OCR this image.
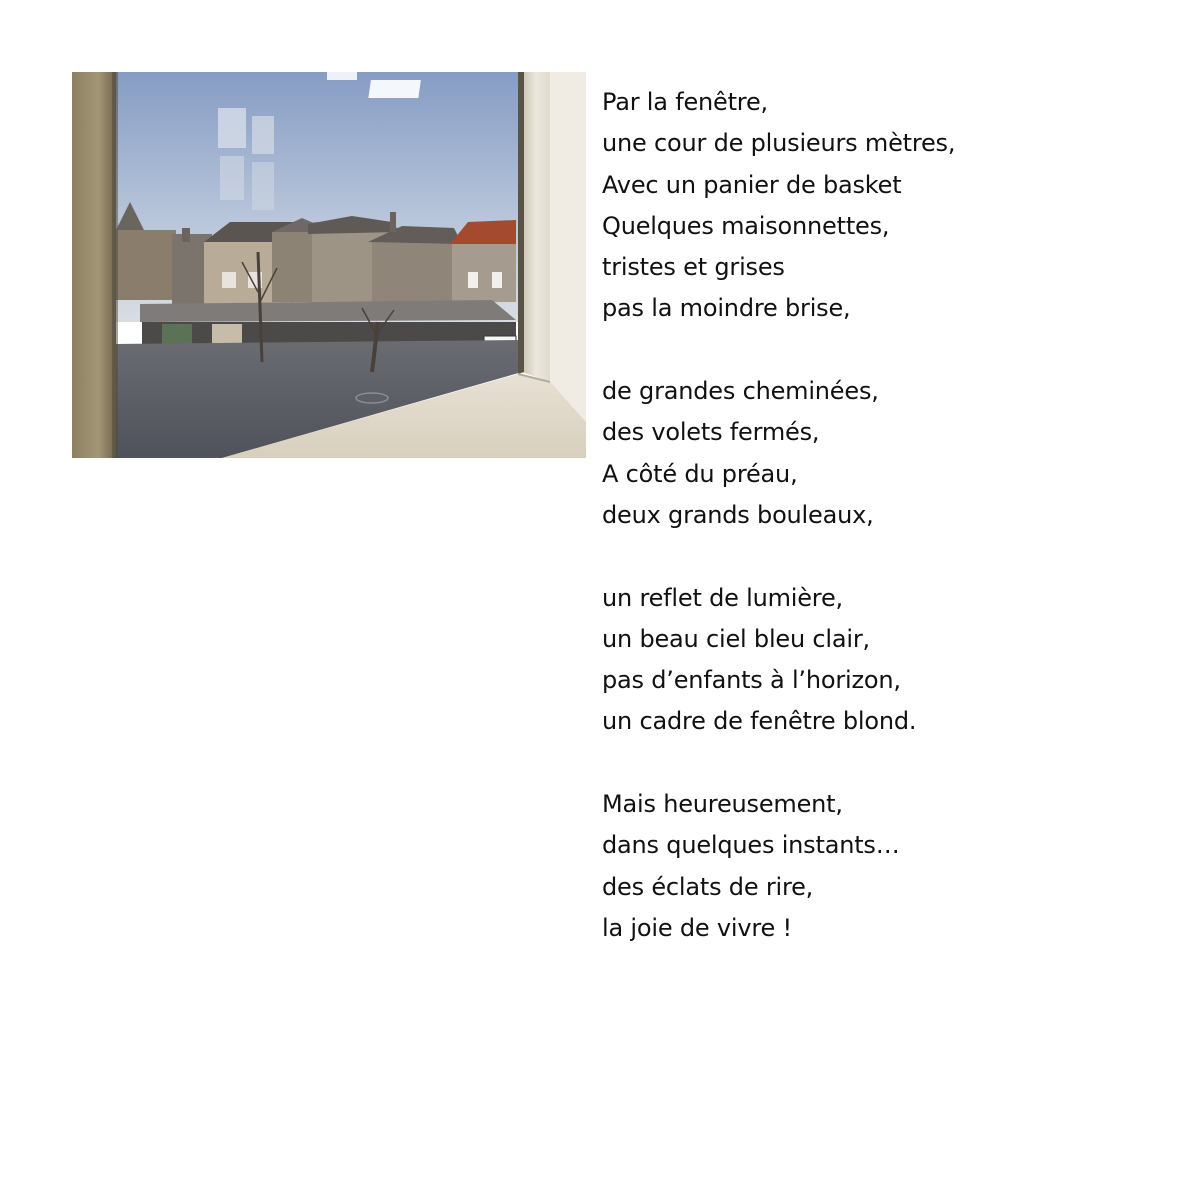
Par la fenêtre,
une cour de plusieurs mètres,
Avec un panier de basket
Quelques maisonnettes,
tristes et grises
pas la moindre brise,
de grandes cheminées,
des volets fermés,
A côté du préau,
deux grands bouleaux,
un reflet de lumière,
un beau ciel bleu clair,
pas d’enfants à l’horizon,
un cadre de fenêtre blond.
Mais heureusement,
dans quelques instants…
des éclats de rire,
la joie de vivre !
